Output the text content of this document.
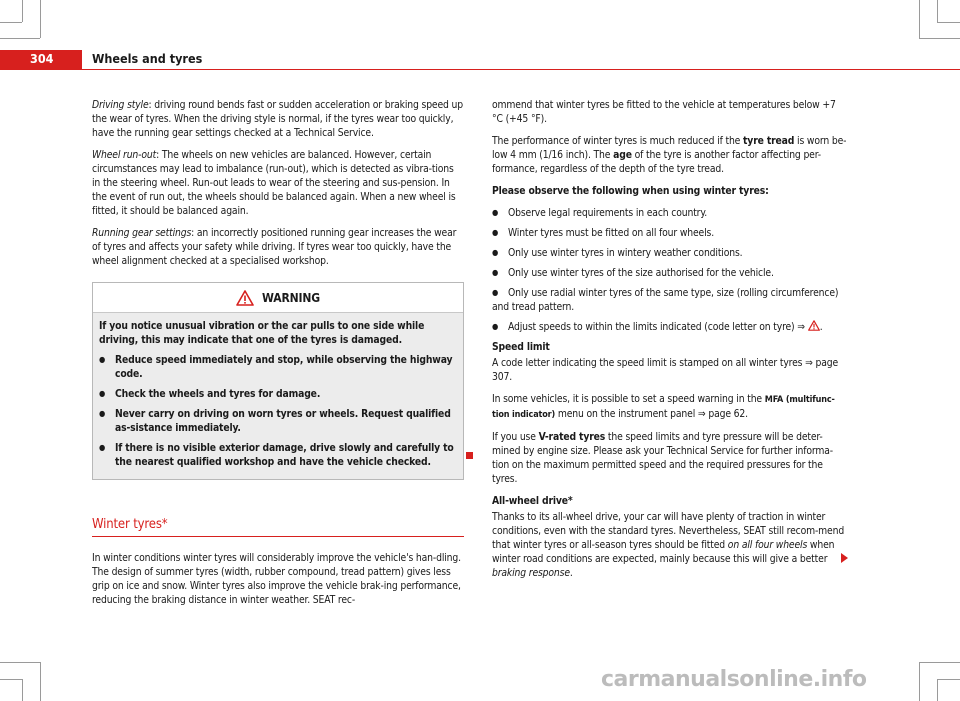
304	Wheels and tyres

Driving style: driving round bends fast or sudden acceleration or braking speed up the wear of tyres. When the driving style is normal, if the tyres wear too quickly, have the running gear settings checked at a Technical Service.

Wheel run-out: The wheels on new vehicles are balanced. However, certain circumstances may lead to imbalance (run-out), which is detected as vibra-tions in the steering wheel. Run-out leads to wear of the steering and sus-pension. In the event of run out, the wheels should be balanced again. When a new wheel is fitted, it should be balanced again.

Running gear settings: an incorrectly positioned running gear increases the wear of tyres and affects your safety while driving. If tyres wear too quickly, have the wheel alignment checked at a specialised workshop.

WARNING

If you notice unusual vibration or the car pulls to one side while driving, this may indicate that one of the tyres is damaged.

● Reduce speed immediately and stop, while observing the highway code.

● Check the wheels and tyres for damage.

● Never carry on driving on worn tyres or wheels. Request qualified as-sistance immediately.

● If there is no visible exterior damage, drive slowly and carefully to the nearest qualified workshop and have the vehicle checked.

Winter tyres*

In winter conditions winter tyres will considerably improve the vehicle's han-dling. The design of summer tyres (width, rubber compound, tread pattern) gives less grip on ice and snow. Winter tyres also improve the vehicle brak-ing performance, reducing the braking distance in winter weather. SEAT rec-

ommend that winter tyres be fitted to the vehicle at temperatures below +7 °C (+45 °F).

The performance of winter tyres is much reduced if the tyre tread is worn be-low 4 mm (1/16 inch). The age of the tyre is another factor affecting per-formance, regardless of the depth of the tyre tread.

Please observe the following when using winter tyres:

● Observe legal requirements in each country.

● Winter tyres must be fitted on all four wheels.

● Only use winter tyres in wintery weather conditions.

● Only use winter tyres of the size authorised for the vehicle.

● Only use radial winter tyres of the same type, size (rolling circumference) and tread pattern.

● Adjust speeds to within the limits indicated (code letter on tyre) ⇒ .

Speed limit

A code letter indicating the speed limit is stamped on all winter tyres ⇒ page 307.

In some vehicles, it is possible to set a speed warning in the MFA (multifunc-tion indicator) menu on the instrument panel ⇒ page 62.

If you use V-rated tyres the speed limits and tyre pressure will be deter-mined by engine size. Please ask your Technical Service for further informa-tion on the maximum permitted speed and the required pressures for the tyres.

All-wheel drive*

Thanks to its all-wheel drive, your car will have plenty of traction in winter conditions, even with the standard tyres. Nevertheless, SEAT still recom-mend that winter tyres or all-season tyres should be fitted on all four wheels when winter road conditions are expected, mainly because this will give a better braking response.

carmanualsonline.info
